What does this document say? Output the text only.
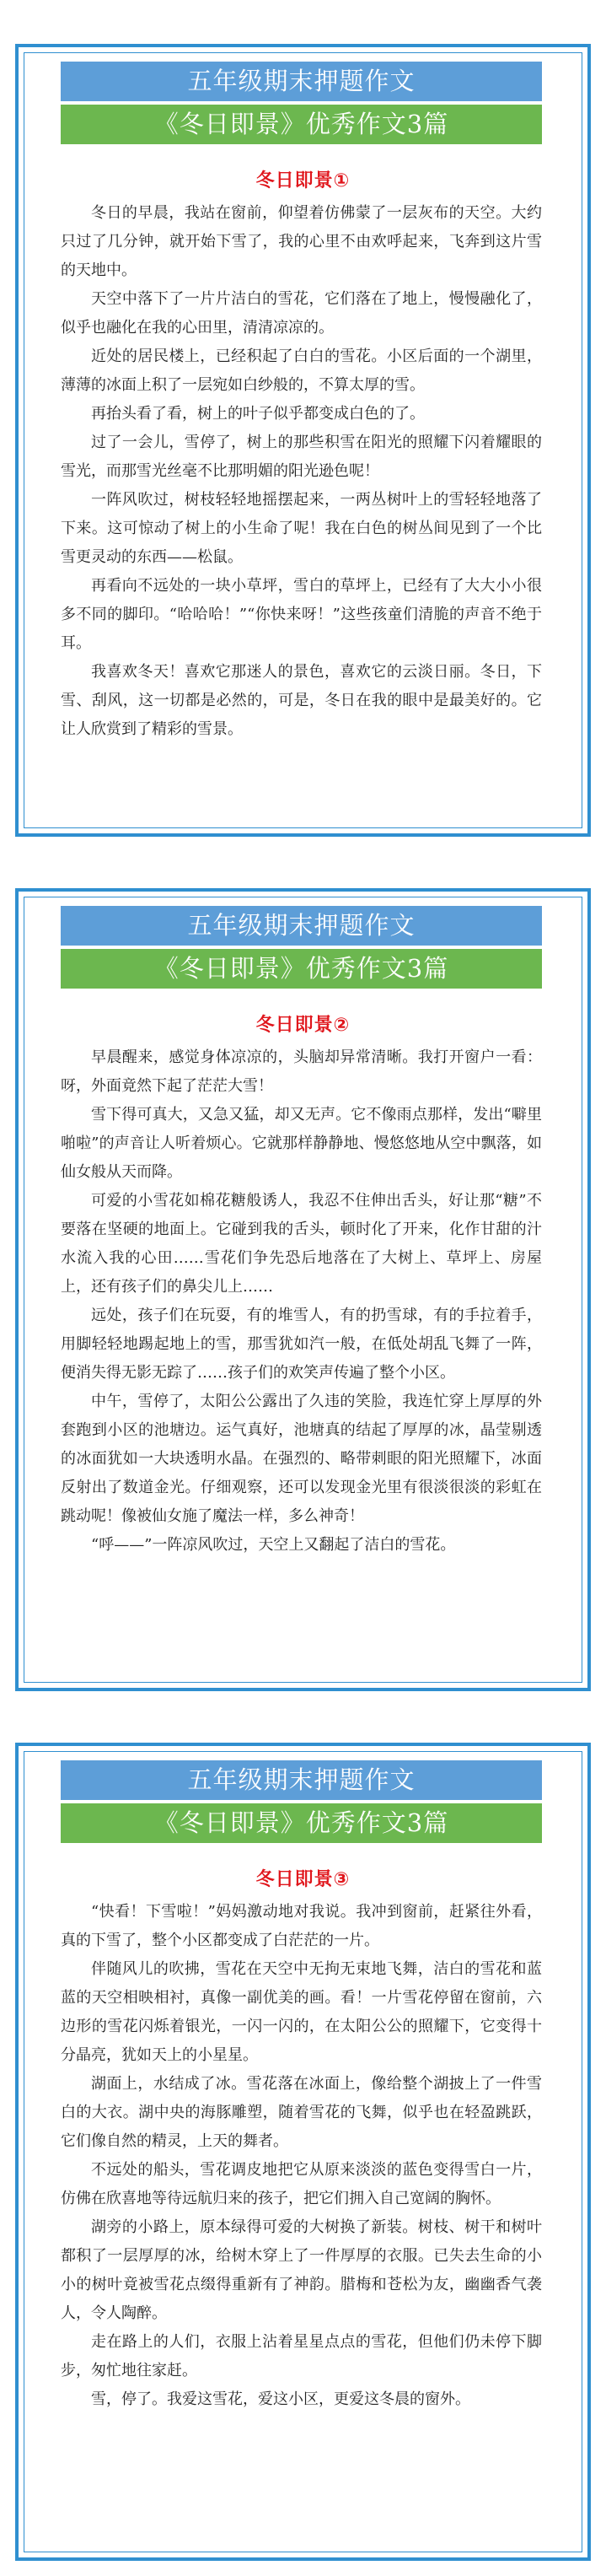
五年级期末押题作文
《冬日即景》优秀作文3篇
冬日即景①

冬日的早晨，我站在窗前，仰望着仿佛蒙了一层灰布的天空。大约只过了几分钟，就开始下雪了，我的心里不由欢呼起来，飞奔到这片雪的天地中。

天空中落下了一片片洁白的雪花，它们落在了地上，慢慢融化了，似乎也融化在我的心田里，清清凉凉的。

近处的居民楼上，已经积起了白白的雪花。小区后面的一个湖里，薄薄的冰面上积了一层宛如白纱般的，不算太厚的雪。

再抬头看了看，树上的叶子似乎都变成白色的了。

过了一会儿，雪停了，树上的那些积雪在阳光的照耀下闪着耀眼的雪光，而那雪光丝毫不比那明媚的阳光逊色呢！

一阵风吹过，树枝轻轻地摇摆起来，一两丛树叶上的雪轻轻地落了下来。这可惊动了树上的小生命了呢！我在白色的树丛间见到了一个比雪更灵动的东西——松鼠。

再看向不远处的一块小草坪，雪白的草坪上，已经有了大大小小很多不同的脚印。“哈哈哈！”“你快来呀！”这些孩童们清脆的声音不绝于耳。

我喜欢冬天！喜欢它那迷人的景色，喜欢它的云淡日丽。冬日，下雪、刮风，这一切都是必然的，可是，冬日在我的眼中是最美好的。它让人欣赏到了精彩的雪景。

五年级期末押题作文
《冬日即景》优秀作文3篇
冬日即景②

早晨醒来，感觉身体凉凉的，头脑却异常清晰。我打开窗户一看：呀，外面竟然下起了茫茫大雪！

雪下得可真大，又急又猛，却又无声。它不像雨点那样，发出“噼里啪啦”的声音让人听着烦心。它就那样静静地、慢悠悠地从空中飘落，如仙女般从天而降。

可爱的小雪花如棉花糖般诱人，我忍不住伸出舌头，好让那“糖”不要落在坚硬的地面上。它碰到我的舌头，顿时化了开来，化作甘甜的汁水流入我的心田……雪花们争先恐后地落在了大树上、草坪上、房屋上，还有孩子们的鼻尖儿上……

远处，孩子们在玩耍，有的堆雪人，有的扔雪球，有的手拉着手，用脚轻轻地踢起地上的雪，那雪犹如汽一般，在低处胡乱飞舞了一阵，便消失得无影无踪了……孩子们的欢笑声传遍了整个小区。

中午，雪停了，太阳公公露出了久违的笑脸，我连忙穿上厚厚的外套跑到小区的池塘边。运气真好，池塘真的结起了厚厚的冰，晶莹剔透的冰面犹如一大块透明水晶。在强烈的、略带刺眼的阳光照耀下，冰面反射出了数道金光。仔细观察，还可以发现金光里有很淡很淡的彩虹在跳动呢！像被仙女施了魔法一样，多么神奇！

“呼——”一阵凉风吹过，天空上又翻起了洁白的雪花。

五年级期末押题作文
《冬日即景》优秀作文3篇
冬日即景③

“快看！下雪啦！”妈妈激动地对我说。我冲到窗前，赶紧往外看，真的下雪了，整个小区都变成了白茫茫的一片。

伴随风儿的吹拂，雪花在天空中无拘无束地飞舞，洁白的雪花和蓝蓝的天空相映相衬，真像一副优美的画。看！一片雪花停留在窗前，六边形的雪花闪烁着银光，一闪一闪的，在太阳公公的照耀下，它变得十分晶亮，犹如天上的小星星。

湖面上，水结成了冰。雪花落在冰面上，像给整个湖披上了一件雪白的大衣。湖中央的海豚雕塑，随着雪花的飞舞，似乎也在轻盈跳跃，它们像自然的精灵，上天的舞者。

不远处的船头，雪花调皮地把它从原来淡淡的蓝色变得雪白一片，仿佛在欣喜地等待远航归来的孩子，把它们拥入自己宽阔的胸怀。

湖旁的小路上，原本绿得可爱的大树换了新装。树枝、树干和树叶都积了一层厚厚的冰，给树木穿上了一件厚厚的衣服。已失去生命的小小的树叶竟被雪花点缀得重新有了神韵。腊梅和苍松为友，幽幽香气袭人，令人陶醉。

走在路上的人们，衣服上沾着星星点点的雪花，但他们仍未停下脚步，匆忙地往家赶。

雪，停了。我爱这雪花，爱这小区，更爱这冬晨的窗外。
